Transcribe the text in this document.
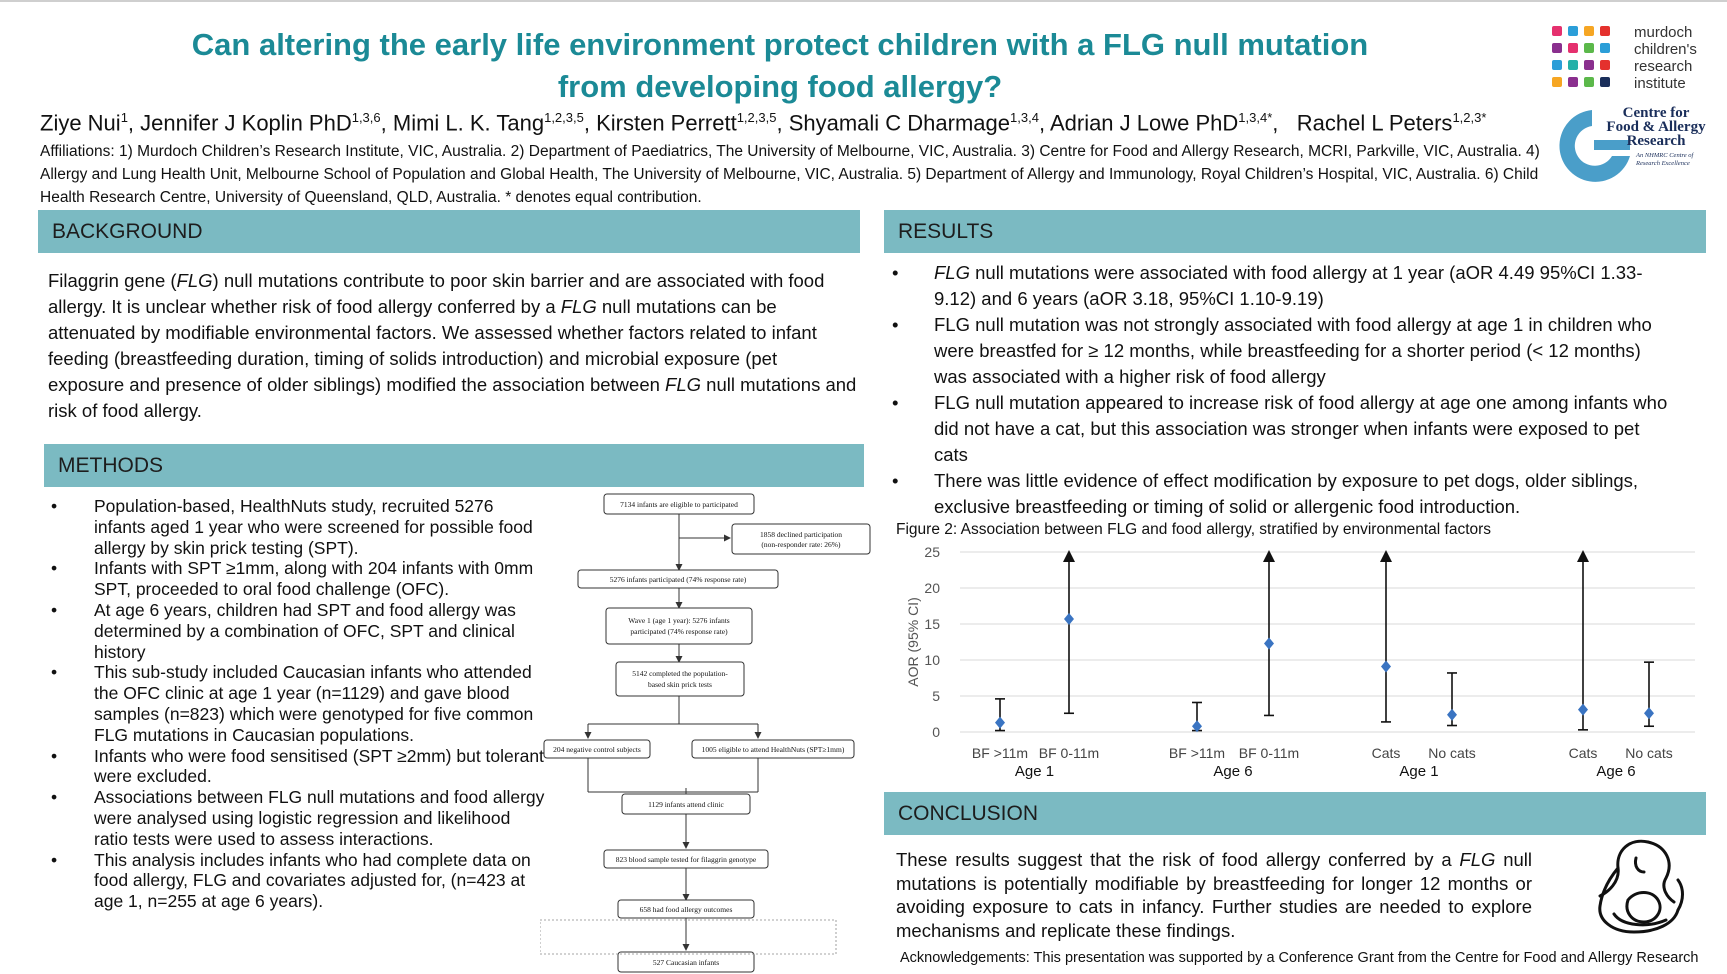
Can altering the early life environment protect children with a FLG null mutation
from developing food allergy?
Ziye Nui$^1$, Jennifer J Koplin PhD$^{1,3,6}$, Mimi L. K. Tang$^{1,2,3,5}$, Kirsten Perrett$^{1,2,3,5}$, Shyamali C Dharmage$^{1,3,4}$, Adrian J Lowe PhD$^{1,3,4*}$,   Rachel L Peters$^{1,2,3*}$
Affiliations: 1) Murdoch Children’s Research Institute, VIC, Australia. 2) Department of Paediatrics, The University of Melbourne, VIC, Australia. 3) Centre for Food and Allergy Research, MCRI, Parkville, VIC, Australia. 4) Allergy and Lung Health Unit, Melbourne School of Population and Global Health, The University of Melbourne, VIC, Australia. 5) Department of Allergy and Immunology, Royal Children’s Hospital, VIC, Australia. 6) Child Health Research Centre, University of Queensland, QLD, Australia. * denotes equal contribution.
murdoch
children's
research
institute
Centre for
Food & Allergy
Research
An NHMRC Centre of Research Excellence
BACKGROUND
Filaggrin gene (FLG) null mutations contribute to poor skin barrier and are associated with food allergy. It is unclear whether risk of food allergy conferred by a FLG null mutations can be attenuated by modifiable environmental factors. We assessed whether factors related to infant feeding (breastfeeding duration, timing of solids introduction) and microbial exposure (pet exposure and presence of older siblings) modified the association between FLG null mutations and risk of food allergy.
METHODS
• Population-based, HealthNuts study, recruited 5276 infants aged 1 year who were screened for possible food allergy by skin prick testing (SPT).
• Infants with SPT ≥1mm, along with 204 infants with 0mm SPT, proceeded to oral food challenge (OFC).
• At age 6 years, children had SPT and food allergy was determined by a combination of OFC, SPT and clinical history
• This sub-study included Caucasian infants who attended the OFC clinic at age 1 year (n=1129) and gave blood samples (n=823) which were genotyped for five common FLG mutations in Caucasian populations.
• Infants who were food sensitised (SPT ≥2mm) but tolerant were excluded.
• Associations between FLG null mutations and food allergy were analysed using logistic regression and likelihood ratio tests were used to assess interactions.
• This analysis includes infants who had complete data on food allergy, FLG and covariates adjusted for, (n=423 at age 1, n=255 at age 6 years).
7134 infants are eligible to participated
1858 declined participation
(non-responder rate: 26%)
5276 infants participated (74% response rate)
Wave 1 (age 1 year): 5276 infants
participated (74% response rate)
5142 completed the population-
based skin prick tests
204 negative control subjects	1005 eligible to attend HealthNuts (SPT≥1mm)
1129 infants attend clinic
823 blood sample tested for filaggrin genotype
658 had food allergy outcomes
527 Caucasian infants
RESULTS
• FLG null mutations were associated with food allergy at 1 year (aOR 4.49 95%CI 1.33-9.12) and 6 years (aOR 3.18, 95%CI 1.10-9.19)
• FLG null mutation was not strongly associated with food allergy at age 1 in children who were breastfed for ≥ 12 months, while breastfeeding for a shorter period (< 12 months) was associated with a higher risk of food allergy
• FLG null mutation appeared to increase risk of food allergy at age one among infants who did not have a cat, but this association was stronger when infants were exposed to pet cats
• There was little evidence of effect modification by exposure to pet dogs, older siblings, exclusive breastfeeding or timing of solid or allergenic food introduction.
Figure 2: Association between FLG and food allergy, stratified by environmental factors
0
5
10
15
20
25
AOR (95% CI)
BF >11m BF 0-11m	BF >11m BF 0-11m	Cats No cats	Cats No cats
Age 1	Age 6	Age 1	Age 6
CONCLUSION
These results suggest that the risk of food allergy conferred by a FLG null mutations is potentially modifiable by breastfeeding for longer 12 months or avoiding exposure to cats in infancy. Further studies are needed to explore mechanisms and replicate these findings.
Acknowledgements: This presentation was supported by a Conference Grant from the Centre for Food and Allergy Research
